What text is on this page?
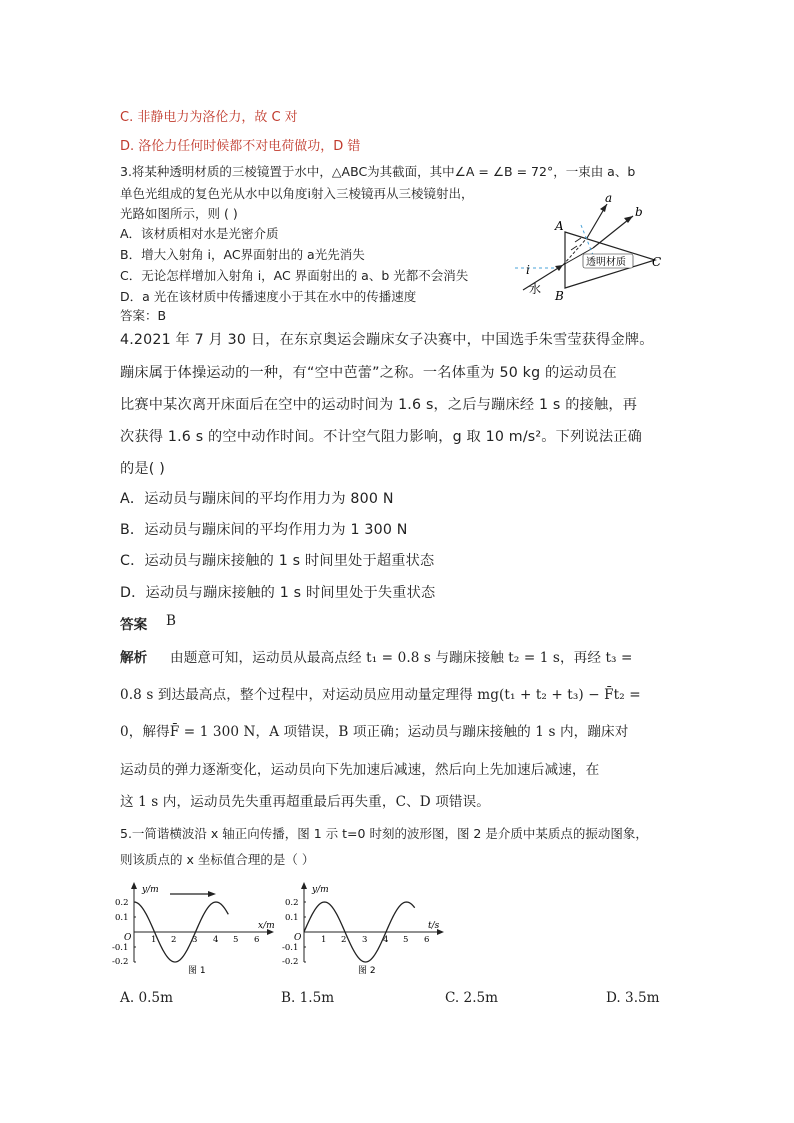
C. 非静电力为洛伦力，故 C 对
D. 洛伦力任何时候都不对电荷做功，D 错
3.将某种透明材质的三棱镜置于水中，△ABC为其截面，其中∠A = ∠B = 72°，一束由 a、b
单色光组成的复色光从水中以角度i射入三棱镜再从三棱镜射出，
光路如图所示，则 ( )
A．该材质相对水是光密介质
B．增大入射角 i，AC界面射出的 a光先消失
C．无论怎样增加入射角 i，AC 界面射出的 a、b 光都不会消失
D．a 光在该材质中传播速度小于其在水中的传播速度
答案：B
透明材质
A
B
C
a
b
i
水
4.2021 年 7 月 30 日，在东京奥运会蹦床女子决赛中，中国选手朱雪莹获得金牌。
蹦床属于体操运动的一种，有“空中芭蕾”之称。一名体重为 50 kg 的运动员在
比赛中某次离开床面后在空中的运动时间为 1.6 s，之后与蹦床经 1 s 的接触，再
次获得 1.6 s 的空中动作时间。不计空气阻力影响，g 取 10 m/s²。下列说法正确
的是( )
A．运动员与蹦床间的平均作用力为 800 N
B．运动员与蹦床间的平均作用力为 1 300 N
C．运动员与蹦床接触的 1 s 时间里处于超重状态
D．运动员与蹦床接触的 1 s 时间里处于失重状态
答案 B
解析 由题意可知，运动员从最高点经 t₁ = 0.8 s 与蹦床接触 t₂ = 1 s，再经 t₃ =
0.8 s 到达最高点，整个过程中，对运动员应用动量定理得 mg(t₁ + t₂ + t₃) − F̄t₂ =
0，解得F̄ = 1 300 N，A 项错误，B 项正确；运动员与蹦床接触的 1 s 内，蹦床对
运动员的弹力逐渐变化，运动员向下先加速后减速，然后向上先加速后减速，在
这 1 s 内，运动员先失重再超重最后再失重，C、D 项错误。
5.一简谐横波沿 x 轴正向传播，图 1 示 t=0 时刻的波形图，图 2 是介质中某质点的振动图象，
则该质点的 x 坐标值合理的是（ ）
y/m
x/m
0.2
0.1
O
-0.1
-0.2
1 2 3 4 5 6
图 1
y/m
t/s
0.2
0.1
O
-0.1
-0.2
1 2 3 4 5 6
图 2
A. 0.5m	B. 1.5m	C. 2.5m	D. 3.5m
